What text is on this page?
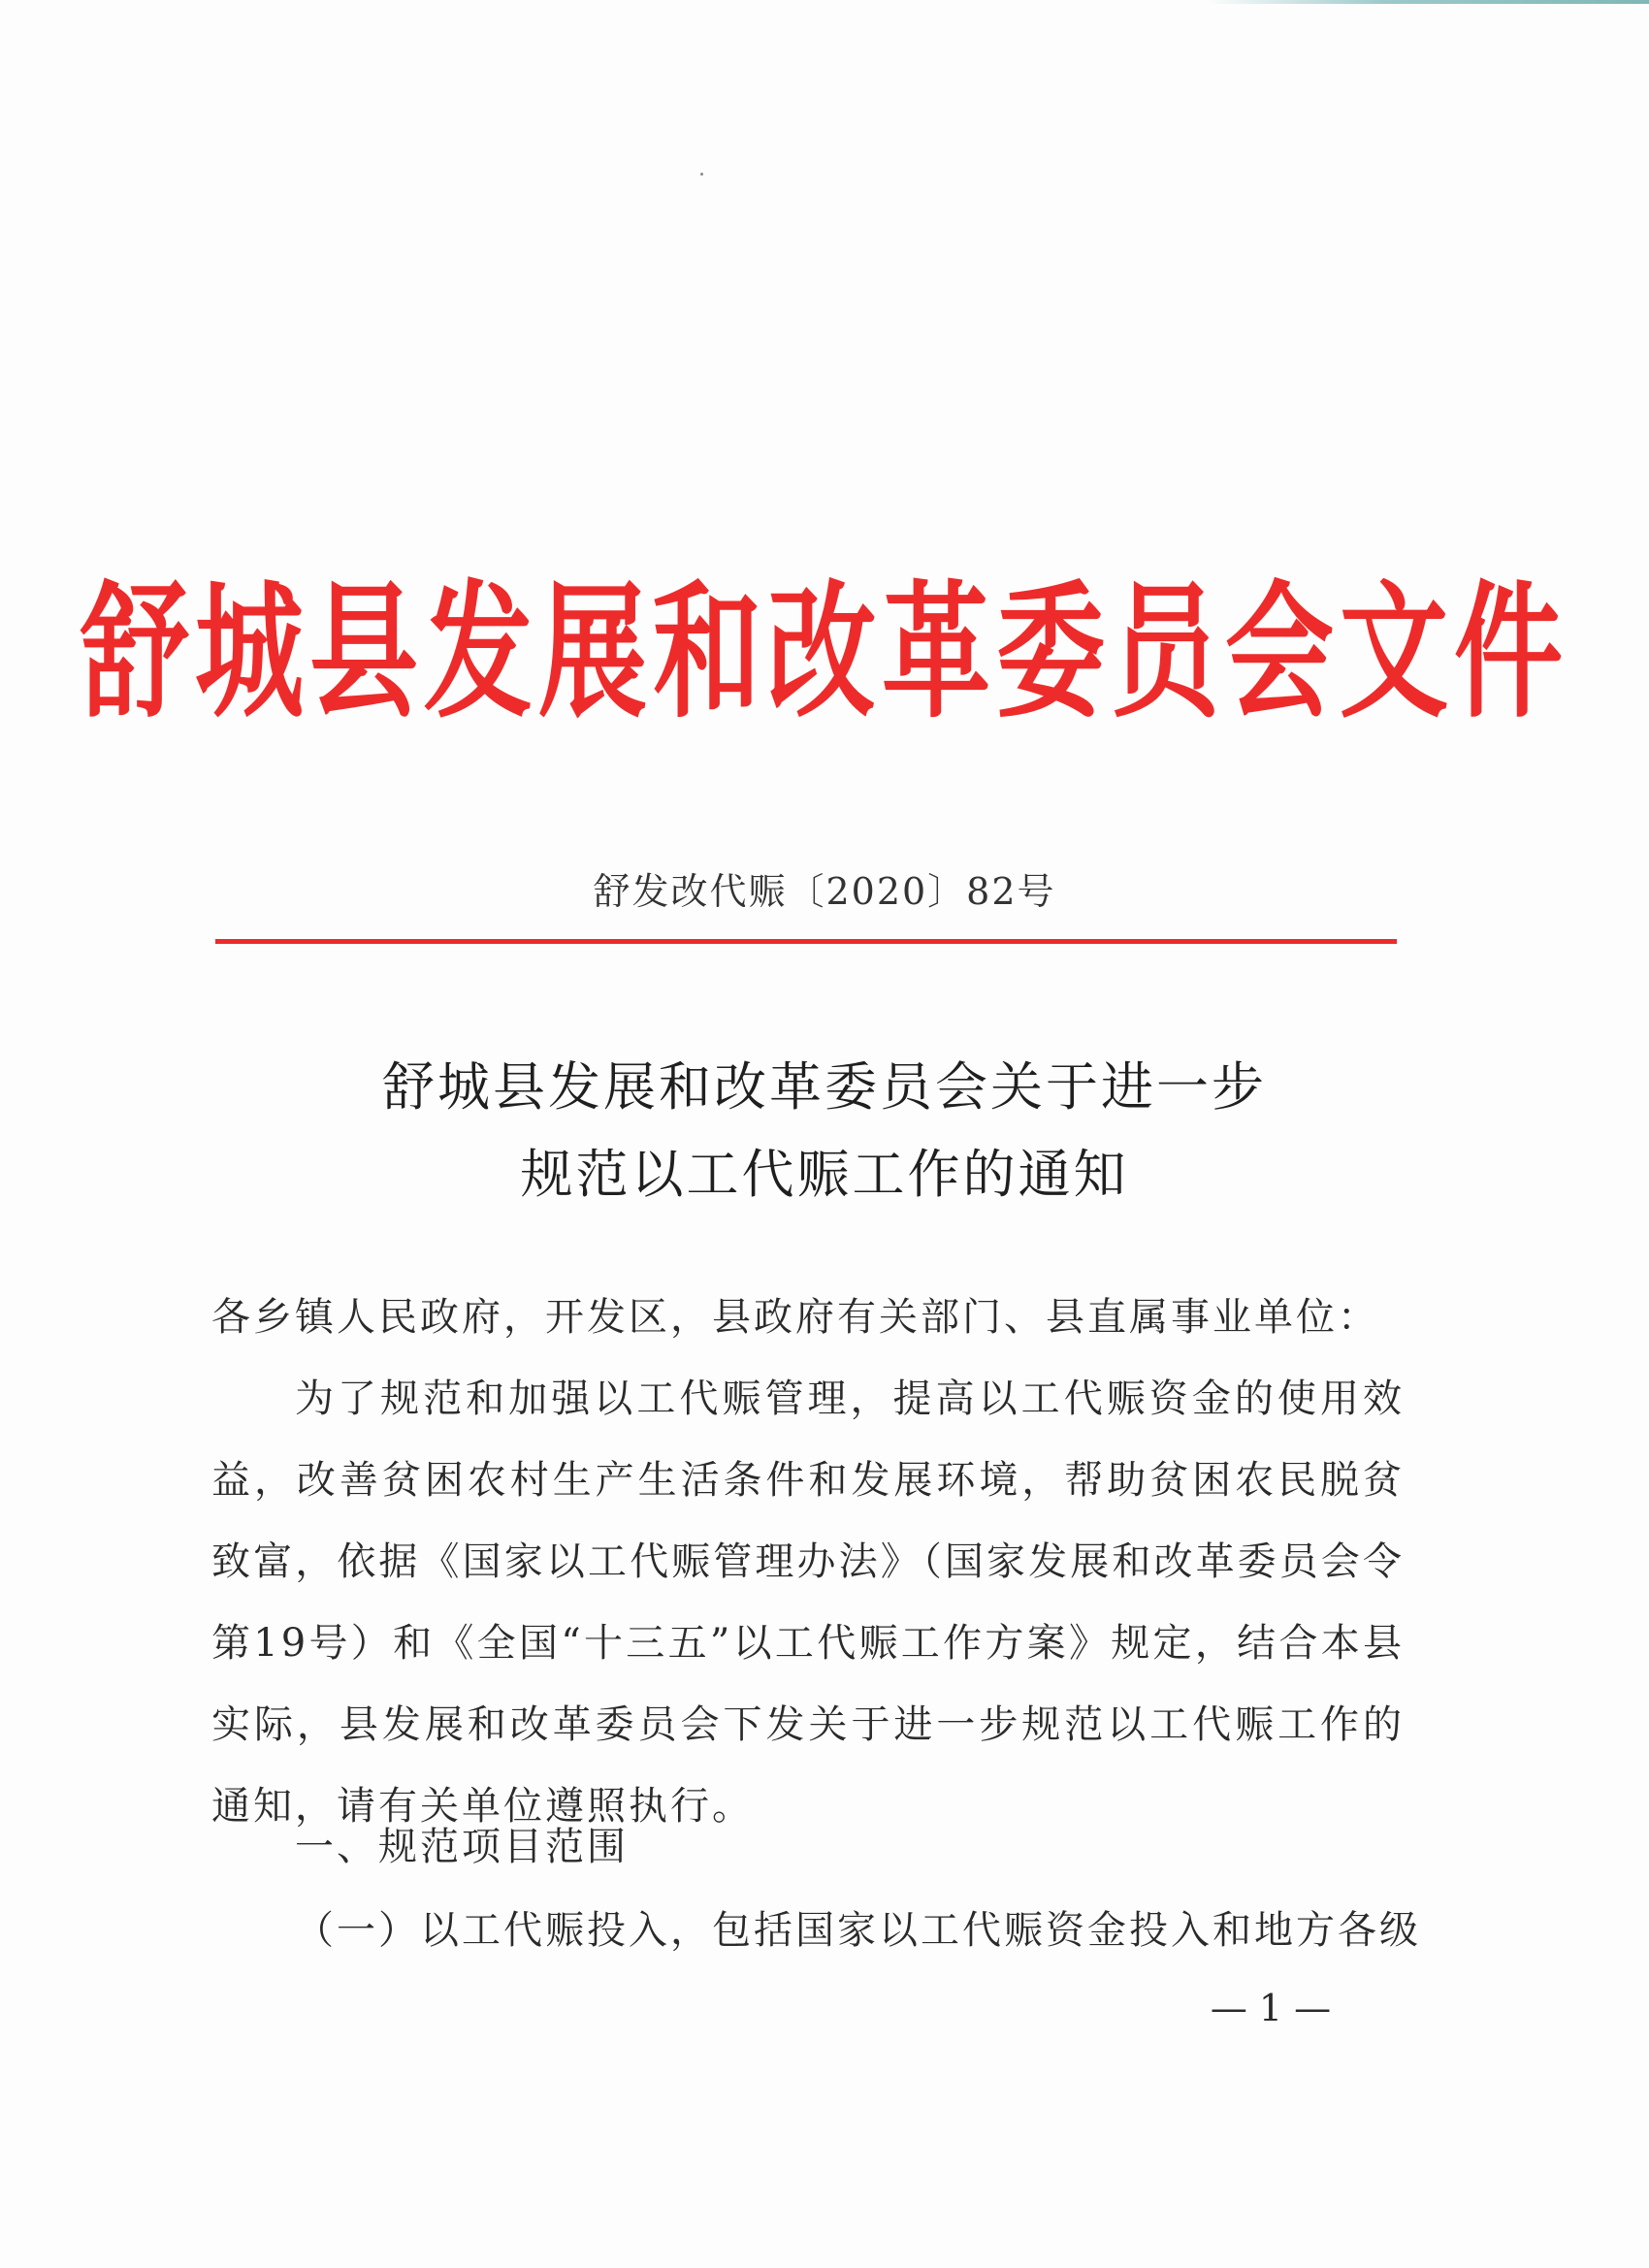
舒城县发展和改革委员会文件
舒发改代赈〔2020〕82号
舒城县发展和改革委员会关于进一步
规范以工代赈工作的通知
各乡镇人民政府，开发区，县政府有关部门、县直属事业单位：
为了规范和加强以工代赈管理，提高以工代赈资金的使用效益，改善贫困农村生产生活条件和发展环境，帮助贫困农民脱贫致富，依据《国家以工代赈管理办法》（国家发展和改革委员会令第19号）和《全国“十三五”以工代赈工作方案》规定，结合本县实际，县发展和改革委员会下发关于进一步规范以工代赈工作的通知，请有关单位遵照执行。
一、规范项目范围
（一）以工代赈投入，包括国家以工代赈资金投入和地方各级
— 1 —
